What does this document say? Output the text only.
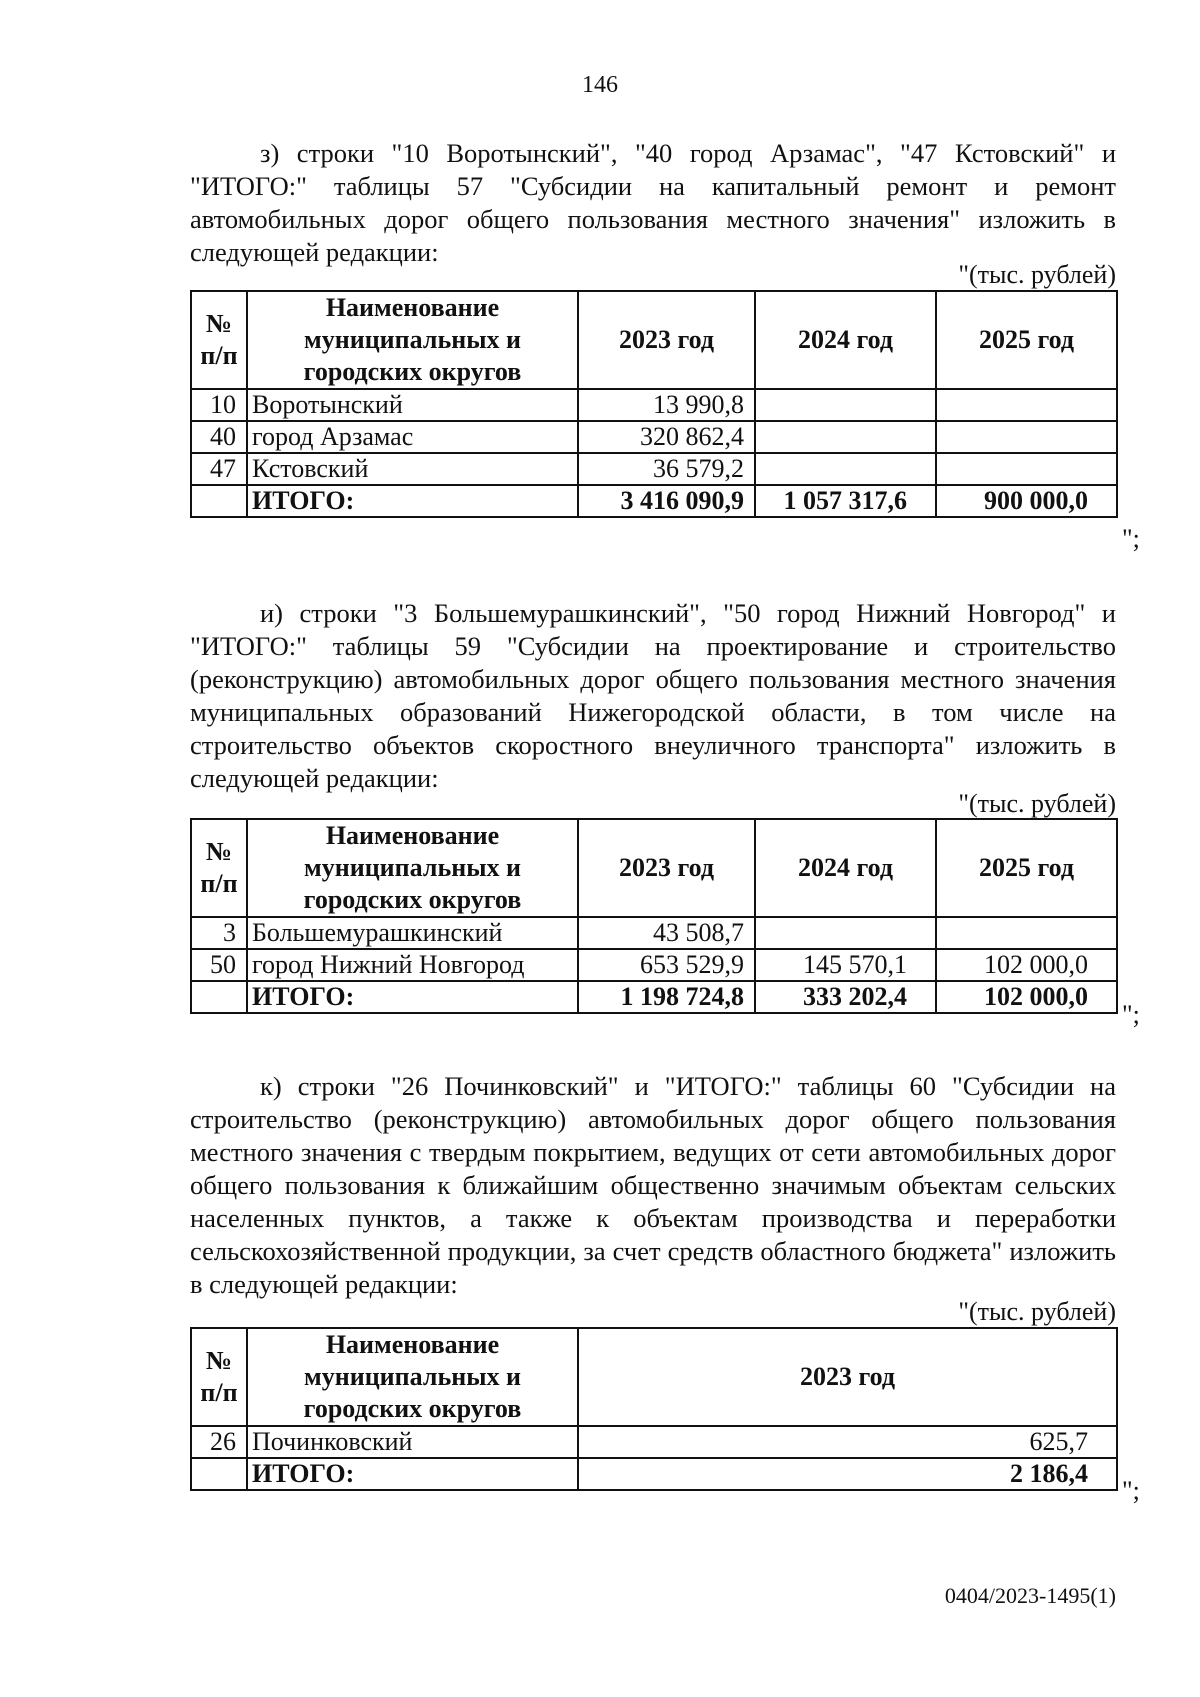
146

з) строки "10 Воротынский", "40 город Арзамас", "47 Кстовский" и "ИТОГО:" таблицы 57 "Субсидии на капитальный ремонт и ремонт автомобильных дорог общего пользования местного значения" изложить в следующей редакции:

"(тыс. рублей)
№ п/п	Наименование муниципальных и городских округов	2023 год	2024 год	2025 год
10	Воротынский	13 990,8		
40	город Арзамас	320 862,4		
47	Кстовский	36 579,2		
	ИТОГО:	3 416 090,9	1 057 317,6	900 000,0
";

и) строки "3 Большемурашкинский", "50 город Нижний Новгород" и "ИТОГО:" таблицы 59 "Субсидии на проектирование и строительство (реконструкцию) автомобильных дорог общего пользования местного значения муниципальных образований Нижегородской области, в том числе на строительство объектов скоростного внеуличного транспорта" изложить в следующей редакции:

"(тыс. рублей)
№ п/п	Наименование муниципальных и городских округов	2023 год	2024 год	2025 год
3	Большемурашкинский	43 508,7		
50	город Нижний Новгород	653 529,9	145 570,1	102 000,0
	ИТОГО:	1 198 724,8	333 202,4	102 000,0
";

к) строки "26 Починковский" и "ИТОГО:" таблицы 60 "Субсидии на строительство (реконструкцию) автомобильных дорог общего пользования местного значения с твердым покрытием, ведущих от сети автомобильных дорог общего пользования к ближайшим общественно значимым объектам сельских населенных пунктов, а также к объектам производства и переработки сельскохозяйственной продукции, за счет средств областного бюджета" изложить в следующей редакции:

"(тыс. рублей)
№ п/п	Наименование муниципальных и городских округов	2023 год
26	Починковский	625,7
	ИТОГО:	2 186,4
";
0404/2023-1495(1)
